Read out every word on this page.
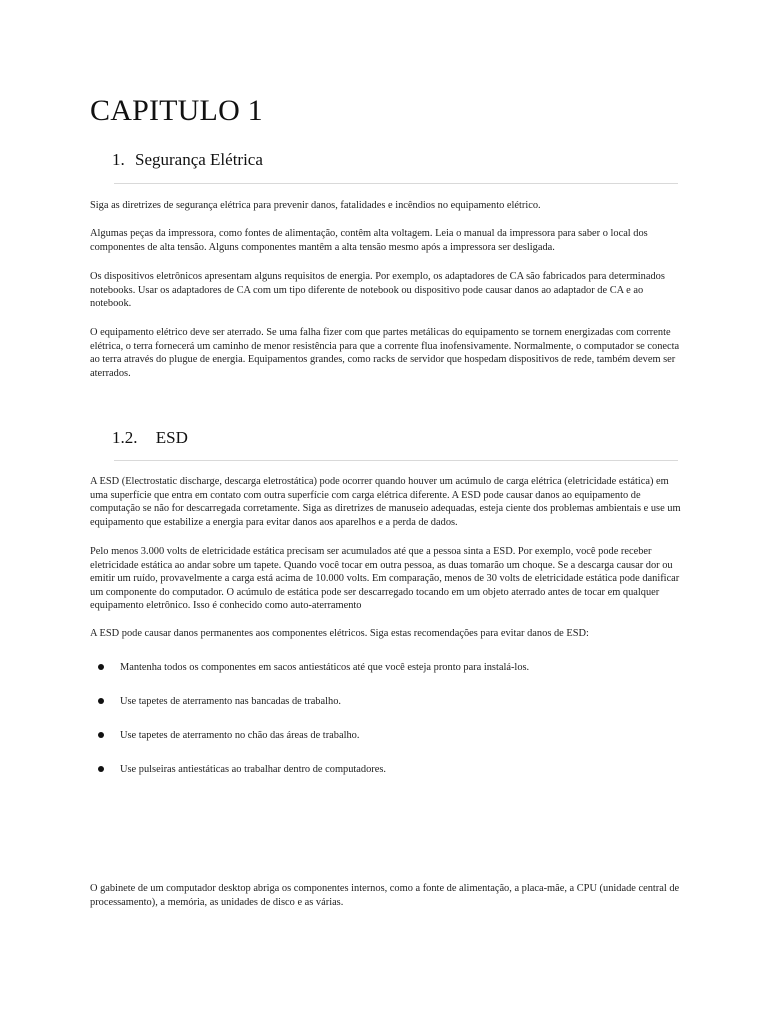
CAPITULO 1
1. Segurança Elétrica

Siga as diretrizes de segurança elétrica para prevenir danos, fatalidades e incêndios no equipamento elétrico.

Algumas peças da impressora, como fontes de alimentação, contêm alta voltagem. Leia o manual da impressora para saber o local dos componentes de alta tensão. Alguns componentes mantêm a alta tensão mesmo após a impressora ser desligada.

Os dispositivos eletrônicos apresentam alguns requisitos de energia. Por exemplo, os adaptadores de CA são fabricados para determinados notebooks. Usar os adaptadores de CA com um tipo diferente de notebook ou dispositivo pode causar danos ao adaptador de CA e ao notebook.

O equipamento elétrico deve ser aterrado. Se uma falha fizer com que partes metálicas do equipamento se tornem energizadas com corrente elétrica, o terra fornecerá um caminho de menor resistência para que a corrente flua inofensivamente. Normalmente, o computador se conecta ao terra através do plugue de energia. Equipamentos grandes, como racks de servidor que hospedam dispositivos de rede, também devem ser aterrados.

1.2. ESD

A ESD (Electrostatic discharge, descarga eletrostática) pode ocorrer quando houver um acúmulo de carga elétrica (eletricidade estática) em uma superfície que entra em contato com outra superfície com carga elétrica diferente. A ESD pode causar danos ao equipamento de computação se não for descarregada corretamente. Siga as diretrizes de manuseio adequadas, esteja ciente dos problemas ambientais e use um equipamento que estabilize a energia para evitar danos aos aparelhos e a perda de dados.

Pelo menos 3.000 volts de eletricidade estática precisam ser acumulados até que a pessoa sinta a ESD. Por exemplo, você pode receber eletricidade estática ao andar sobre um tapete. Quando você tocar em outra pessoa, as duas tomarão um choque. Se a descarga causar dor ou emitir um ruído, provavelmente a carga está acima de 10.000 volts. Em comparação, menos de 30 volts de eletricidade estática pode danificar um componente do computador. O acúmulo de estática pode ser descarregado tocando em um objeto aterrado antes de tocar em qualquer equipamento eletrônico. Isso é conhecido como auto-aterramento

A ESD pode causar danos permanentes aos componentes elétricos. Siga estas recomendações para evitar danos de ESD:

Mantenha todos os componentes em sacos antiestáticos até que você esteja pronto para instalá-los.
Use tapetes de aterramento nas bancadas de trabalho.
Use tapetes de aterramento no chão das áreas de trabalho.
Use pulseiras antiestáticas ao trabalhar dentro de computadores.

O gabinete de um computador desktop abriga os componentes internos, como a fonte de alimentação, a placa-mãe, a CPU (unidade central de processamento), a memória, as unidades de disco e as várias.
